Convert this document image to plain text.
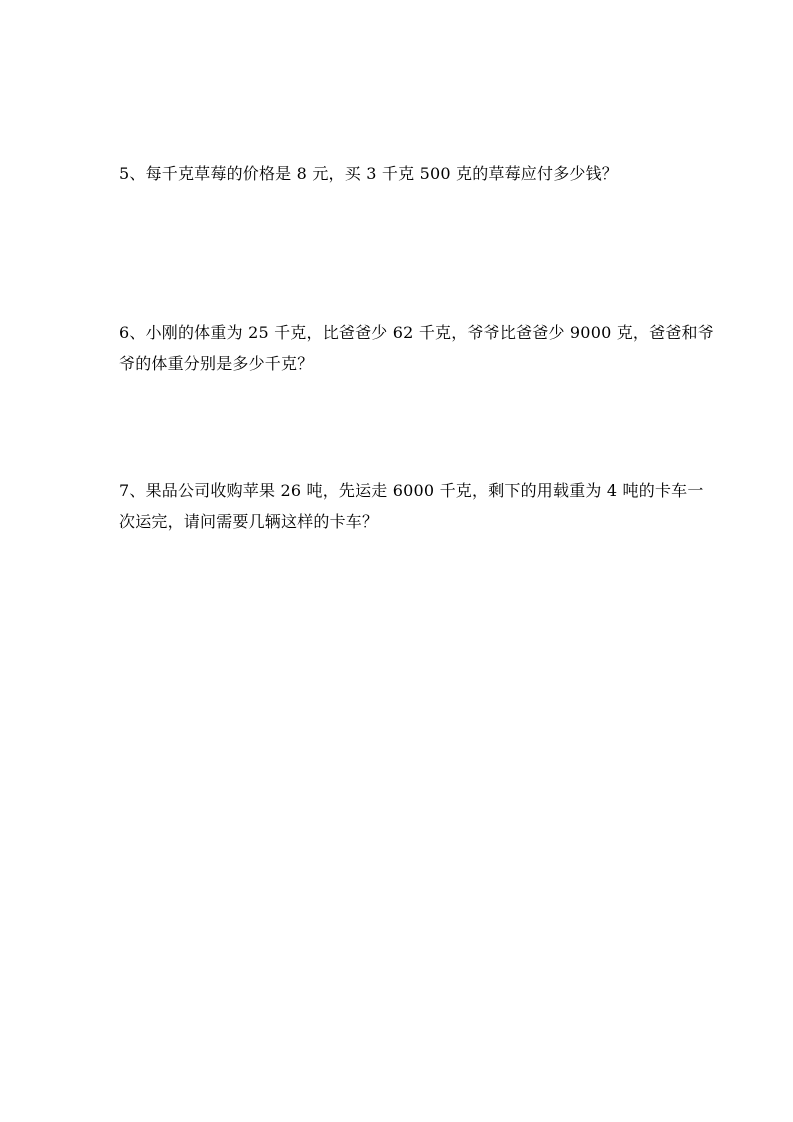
5、每千克草莓的价格是 8 元，买 3 千克 500 克的草莓应付多少钱？

6、小刚的体重为 25 千克，比爸爸少 62 千克，爷爷比爸爸少 9000 克，爸爸和爷
爷的体重分别是多少千克？

7、果品公司收购苹果 26 吨，先运走 6000 千克，剩下的用载重为 4 吨的卡车一
次运完，请问需要几辆这样的卡车？
